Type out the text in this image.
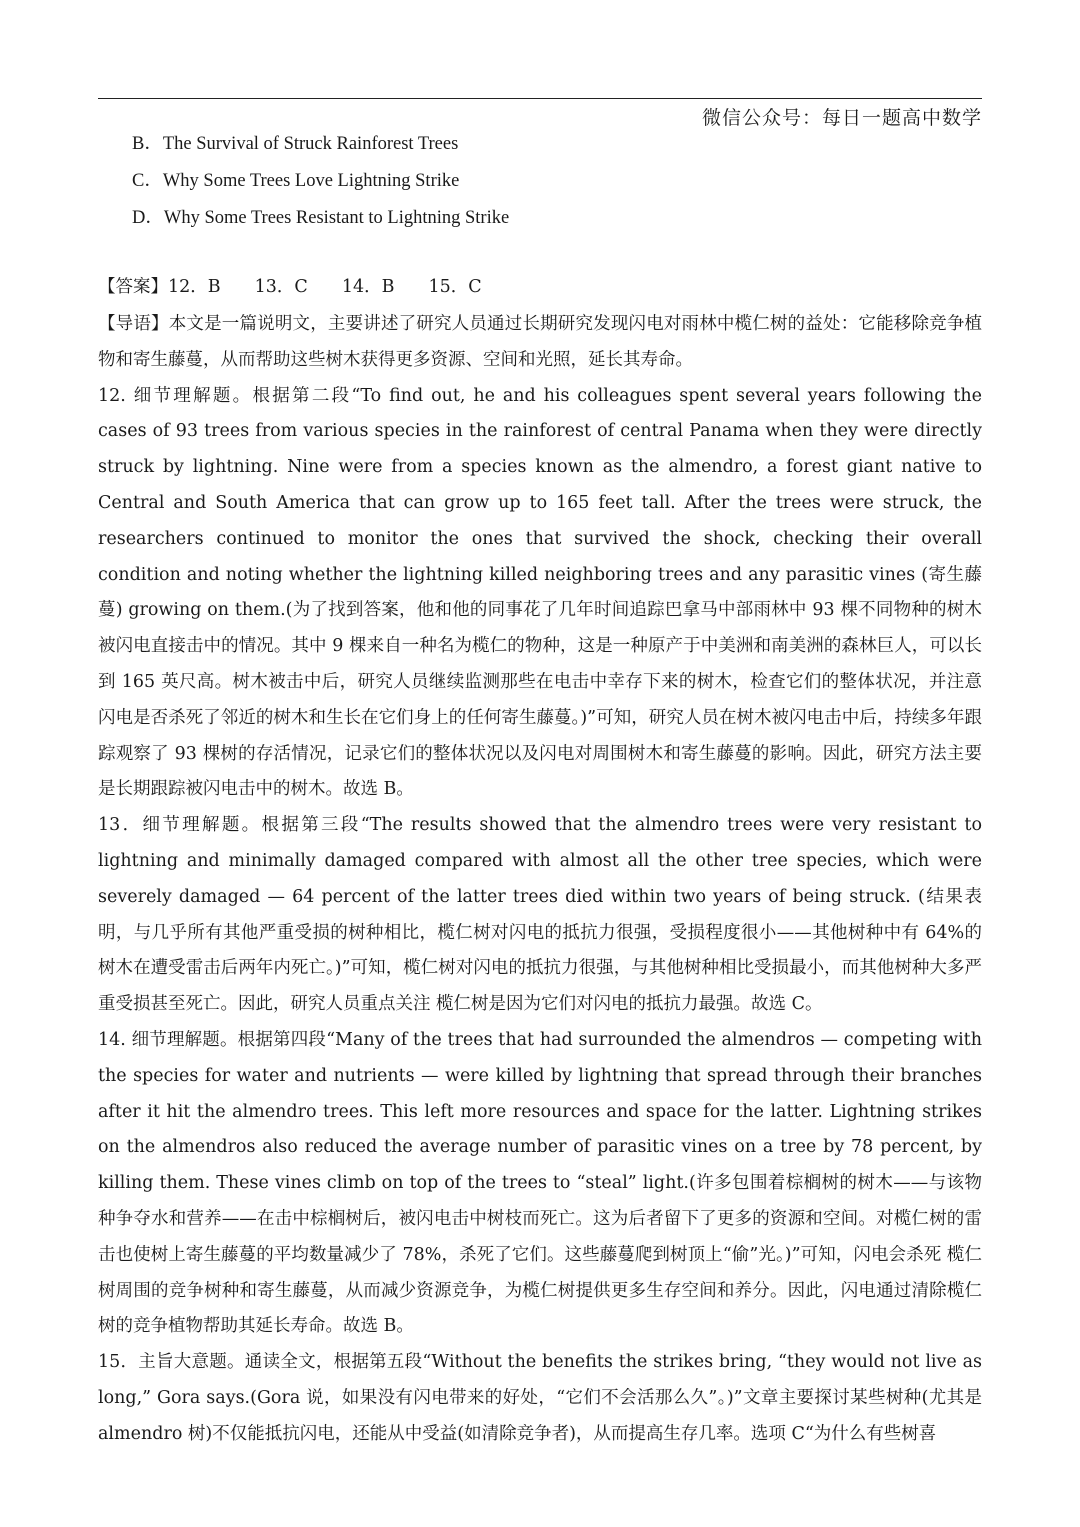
微信公众号：每日一题高中数学
B．The Survival of Struck Rainforest Trees
C．Why Some Trees Love Lightning Strike
D．Why Some Trees Resistant to Lightning Strike
【答案】12．B 13．C 14．B 15．C

【导语】本文是一篇说明文，主要讲述了研究人员通过长期研究发现闪电对雨林中榄仁树的益处：它能移除竞争植物和寄生藤蔓，从而帮助这些树木获得更多资源、空间和光照，延长其寿命。

12. 细节理解题。根据第二段“To find out, he and his colleagues spent several years following the cases of 93 trees from various species in the rainforest of central Panama when they were directly struck by lightning. Nine were from a species known as the almendro, a forest giant native to Central and South America that can grow up to 165 feet tall. After the trees were struck, the researchers continued to monitor the ones that survived the shock, checking their overall condition and noting whether the lightning killed neighboring trees and any parasitic vines (寄生藤蔓) growing on them.(为了找到答案，他和他的同事花了几年时间追踪巴拿马中部雨林中 93 棵不同物种的树木被闪电直接击中的情况。其中 9 棵来自一种名为榄仁的物种，这是一种原产于中美洲和南美洲的森林巨人，可以长到 165 英尺高。树木被击中后，研究人员继续监测那些在电击中幸存下来的树木，检查它们的整体状况，并注意闪电是否杀死了邻近的树木和生长在它们身上的任何寄生藤蔓。)”可知，研究人员在树木被闪电击中后，持续多年跟踪观察了 93 棵树的存活情况，记录它们的整体状况以及闪电对周围树木和寄生藤蔓的影响。因此，研究方法主要是长期跟踪被闪电击中的树木。故选 B。

13．细节理解题。根据第三段“The results showed that the almendro trees were very resistant to lightning and minimally damaged compared with almost all the other tree species, which were severely damaged — 64 percent of the latter trees died within two years of being struck. (结果表明，与几乎所有其他严重受损的树种相比，榄仁树对闪电的抵抗力很强，受损程度很小——其他树种中有 64%的树木在遭受雷击后两年内死亡。)”可知，榄仁树对闪电的抵抗力很强，与其他树种相比受损最小，而其他树种大多严重受损甚至死亡。因此，研究人员重点关注 榄仁树是因为它们对闪电的抵抗力最强。故选 C。

14. 细节理解题。根据第四段“Many of the trees that had surrounded the almendros — competing with the species for water and nutrients — were killed by lightning that spread through their branches after it hit the almendro trees. This left more resources and space for the latter. Lightning strikes on the almendros also reduced the average number of parasitic vines on a tree by 78 percent, by killing them. These vines climb on top of the trees to “steal” light.(许多包围着棕榈树的树木——与该物种争夺水和营养——在击中棕榈树后，被闪电击中树枝而死亡。这为后者留下了更多的资源和空间。对榄仁树的雷击也使树上寄生藤蔓的平均数量减少了 78%，杀死了它们。这些藤蔓爬到树顶上“偷”光。)”可知，闪电会杀死 榄仁树周围的竞争树种和寄生藤蔓，从而减少资源竞争，为榄仁树提供更多生存空间和养分。因此，闪电通过清除榄仁树的竞争植物帮助其延长寿命。故选 B。

15．主旨大意题。通读全文，根据第五段“Without the benefits the strikes bring, “they would not live as long,” Gora says.(Gora 说，如果没有闪电带来的好处，“它们不会活那么久”。)”文章主要探讨某些树种(尤其是 almendro 树)不仅能抵抗闪电，还能从中受益(如清除竞争者)，从而提高生存几率。选项 C“为什么有些树喜
